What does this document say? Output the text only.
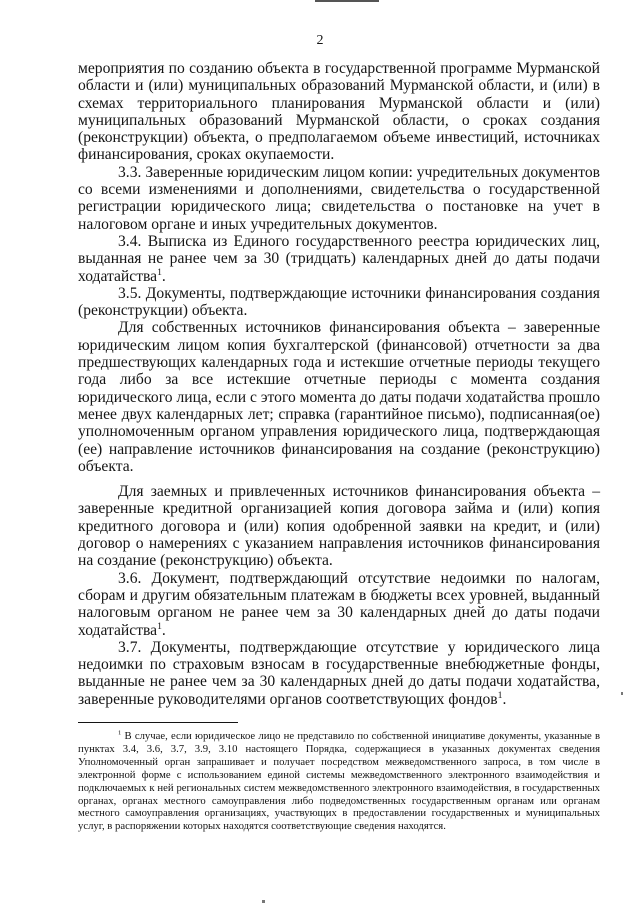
2

мероприятия по созданию объекта в государственной программе Мурманской области и (или) муниципальных образований Мурманской области, и (или) в схемах территориального планирования Мурманской области и (или) муниципальных образований Мурманской области, о сроках создания (реконструкции) объекта, о предполагаемом объеме инвестиций, источниках финансирования, сроках окупаемости.

3.3. Заверенные юридическим лицом копии: учредительных документов со всеми изменениями и дополнениями, свидетельства о государственной регистрации юридического лица; свидетельства о постановке на учет в налоговом органе и иных учредительных документов.

3.4. Выписка из Единого государственного реестра юридических лиц, выданная не ранее чем за 30 (тридцать) календарных дней до даты подачи ходатайства$^1$.

3.5. Документы, подтверждающие источники финансирования создания (реконструкции) объекта.

Для собственных источников финансирования объекта – заверенные юридическим лицом копия бухгалтерской (финансовой) отчетности за два предшествующих календарных года и истекшие отчетные периоды текущего года либо за все истекшие отчетные периоды с момента создания юридического лица, если с этого момента до даты подачи ходатайства прошло менее двух календарных лет; справка (гарантийное письмо), подписанная(ое) уполномоченным органом управления юридического лица, подтверждающая (ее) направление источников финансирования на создание (реконструкцию) объекта.

Для заемных и привлеченных источников финансирования объекта – заверенные кредитной организацией копия договора займа и (или) копия кредитного договора и (или) копия одобренной заявки на кредит, и (или) договор о намерениях с указанием направления источников финансирования на создание (реконструкцию) объекта.

3.6. Документ, подтверждающий отсутствие недоимки по налогам, сборам и другим обязательным платежам в бюджеты всех уровней, выданный налоговым органом не ранее чем за 30 календарных дней до даты подачи ходатайства$^1$.

3.7. Документы, подтверждающие отсутствие у юридического лица недоимки по страховым взносам в государственные внебюджетные фонды, выданные не ранее чем за 30 календарных дней до даты подачи ходатайства, заверенные руководителями органов соответствующих фондов$^1$.

$^1$ В случае, если юридическое лицо не представило по собственной инициативе документы, указанные в пунктах 3.4, 3.6, 3.7, 3.9, 3.10 настоящего Порядка, содержащиеся в указанных документах сведения Уполномоченный орган запрашивает и получает посредством межведомственного запроса, в том числе в электронной форме с использованием единой системы межведомственного электронного взаимодействия и подключаемых к ней региональных систем межведомственного электронного взаимодействия, в государственных органах, органах местного самоуправления либо подведомственных государственным органам или органам местного самоуправления организациях, участвующих в предоставлении государственных и муниципальных услуг, в распоряжении которых находятся соответствующие сведения находятся.
